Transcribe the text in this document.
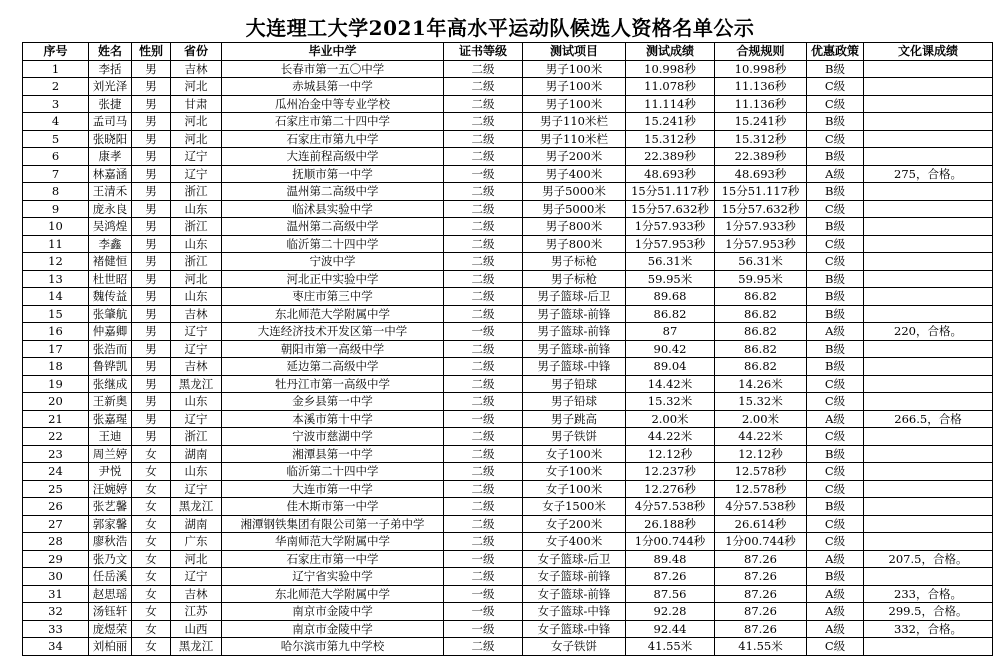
大连理工大学2021年高水平运动队候选人资格名单公示
序号	姓名	性别	省份	毕业中学	证书等级	测试项目	测试成绩	合规规则	优惠政策	文化课成绩
1	李括	男	吉林	长春市第一五〇中学	二级	男子100米	10.998秒	10.998秒	B级	
2	刘光泽	男	河北	赤城县第一中学	二级	男子100米	11.078秒	11.136秒	C级	
3	张捷	男	甘肃	瓜州冶金中等专业学校	二级	男子100米	11.114秒	11.136秒	C级	
4	孟司马	男	河北	石家庄市第二十四中学	二级	男子110米栏	15.241秒	15.241秒	B级	
5	张晓阳	男	河北	石家庄市第九中学	二级	男子110米栏	15.312秒	15.312秒	C级	
6	康孝	男	辽宁	大连前程高级中学	二级	男子200米	22.389秒	22.389秒	B级	
7	林嘉涵	男	辽宁	抚顺市第一中学	一级	男子400米	48.693秒	48.693秒	A级	275，合格。
8	王清禾	男	浙江	温州第二高级中学	二级	男子5000米	15分51.117秒	15分51.117秒	B级	
9	庞永良	男	山东	临沭县实验中学	二级	男子5000米	15分57.632秒	15分57.632秒	C级	
10	吴鸿煌	男	浙江	温州第二高级中学	二级	男子800米	1分57.933秒	1分57.933秒	B级	
11	李鑫	男	山东	临沂第二十四中学	二级	男子800米	1分57.953秒	1分57.953秒	C级	
12	褚健恒	男	浙江	宁波中学	二级	男子标枪	56.31米	56.31米	C级	
13	杜世昭	男	河北	河北正中实验中学	二级	男子标枪	59.95米	59.95米	B级	
14	魏传益	男	山东	枣庄市第三中学	二级	男子篮球-后卫	89.68	86.82	B级	
15	张肇航	男	吉林	东北师范大学附属中学	二级	男子篮球-前锋	86.82	86.82	B级	
16	仲嘉卿	男	辽宁	大连经济技术开发区第一中学	一级	男子篮球-前锋	87	86.82	A级	220，合格。
17	张浩而	男	辽宁	朝阳市第一高级中学	二级	男子篮球-前锋	90.42	86.82	B级	
18	鲁铧凯	男	吉林	延边第二高级中学	二级	男子篮球-中锋	89.04	86.82	B级	
19	张继成	男	黑龙江	牡丹江市第一高级中学	二级	男子铅球	14.42米	14.26米	C级	
20	王新奥	男	山东	金乡县第一中学	二级	男子铅球	15.32米	15.32米	C级	
21	张嘉瑆	男	辽宁	本溪市第十中学	一级	男子跳高	2.00米	2.00米	A级	266.5，合格
22	王迪	男	浙江	宁波市慈湖中学	二级	男子铁饼	44.22米	44.22米	C级	
23	周兰婷	女	湖南	湘潭县第一中学	二级	女子100米	12.12秒	12.12秒	B级	
24	尹悦	女	山东	临沂第二十四中学	二级	女子100米	12.237秒	12.578秒	C级	
25	汪婉婷	女	辽宁	大连市第一中学	二级	女子100米	12.276秒	12.578秒	C级	
26	张艺馨	女	黑龙江	佳木斯市第一中学	二级	女子1500米	4分57.538秒	4分57.538秒	B级	
27	郭家馨	女	湖南	湘潭钢铁集团有限公司第一子弟中学	二级	女子200米	26.188秒	26.614秒	C级	
28	廖秋浩	女	广东	华南师范大学附属中学	二级	女子400米	1分00.744秒	1分00.744秒	C级	
29	张乃文	女	河北	石家庄市第一中学	一级	女子篮球-后卫	89.48	87.26	A级	207.5，合格。
30	任岳溪	女	辽宁	辽宁省实验中学	二级	女子篮球-前锋	87.26	87.26	B级	
31	赵思瑶	女	吉林	东北师范大学附属中学	一级	女子篮球-前锋	87.56	87.26	A级	233，合格。
32	汤钰轩	女	江苏	南京市金陵中学	一级	女子篮球-中锋	92.28	87.26	A级	299.5，合格。
33	庞煜荣	女	山西	南京市金陵中学	一级	女子篮球-中锋	92.44	87.26	A级	332，合格。
34	刘柏丽	女	黑龙江	哈尔滨市第九中学校	二级	女子铁饼	41.55米	41.55米	C级	
